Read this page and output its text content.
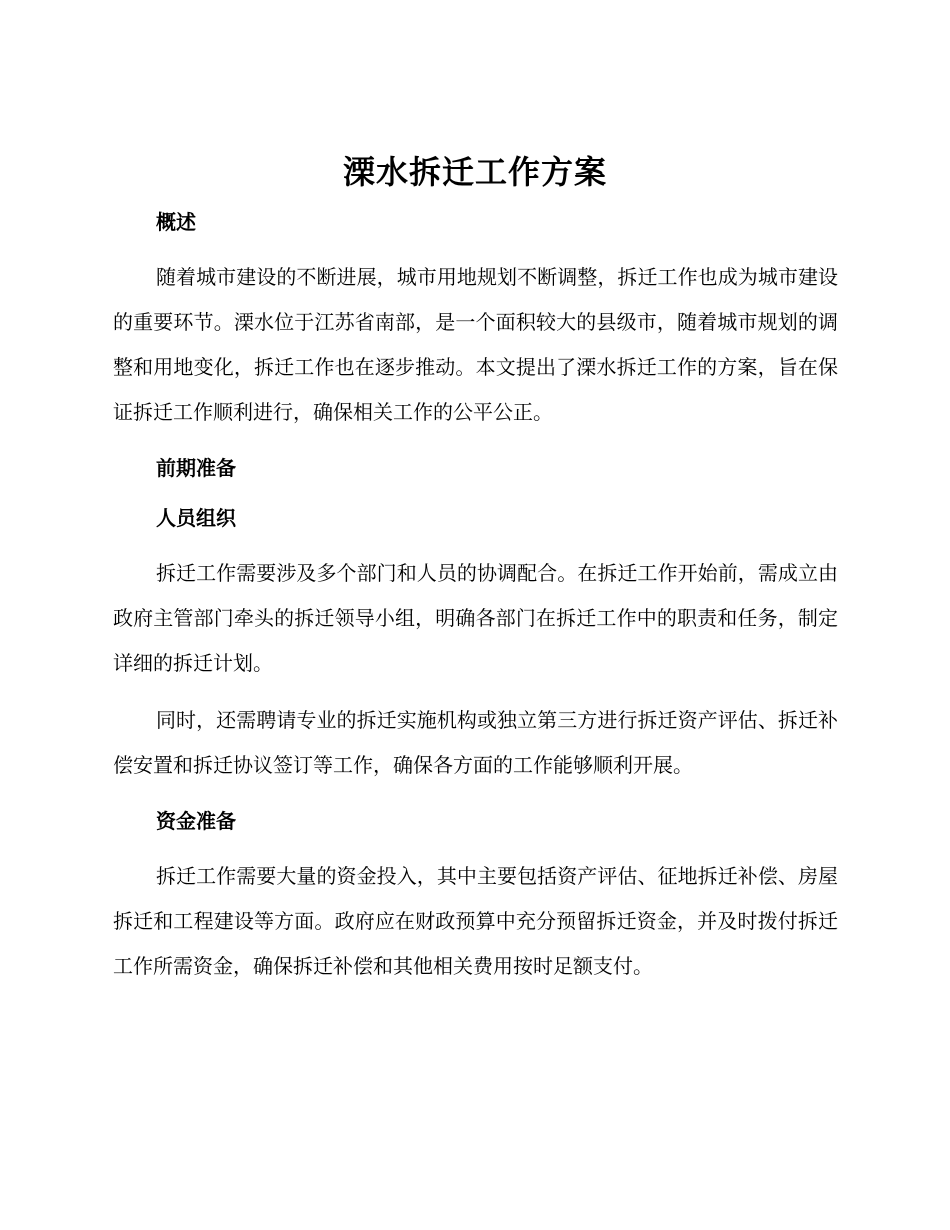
溧水拆迁工作方案
概述

随着城市建设的不断进展，城市用地规划不断调整，拆迁工作也成为城市建设的重要环节。溧水位于江苏省南部，是一个面积较大的县级市，随着城市规划的调整和用地变化，拆迁工作也在逐步推动。本文提出了溧水拆迁工作的方案，旨在保证拆迁工作顺利进行，确保相关工作的公平公正。

前期准备
人员组织

拆迁工作需要涉及多个部门和人员的协调配合。在拆迁工作开始前，需成立由政府主管部门牵头的拆迁领导小组，明确各部门在拆迁工作中的职责和任务，制定详细的拆迁计划。

同时，还需聘请专业的拆迁实施机构或独立第三方进行拆迁资产评估、拆迁补偿安置和拆迁协议签订等工作，确保各方面的工作能够顺利开展。

资金准备

拆迁工作需要大量的资金投入，其中主要包括资产评估、征地拆迁补偿、房屋拆迁和工程建设等方面。政府应在财政预算中充分预留拆迁资金，并及时拨付拆迁工作所需资金，确保拆迁补偿和其他相关费用按时足额支付。
